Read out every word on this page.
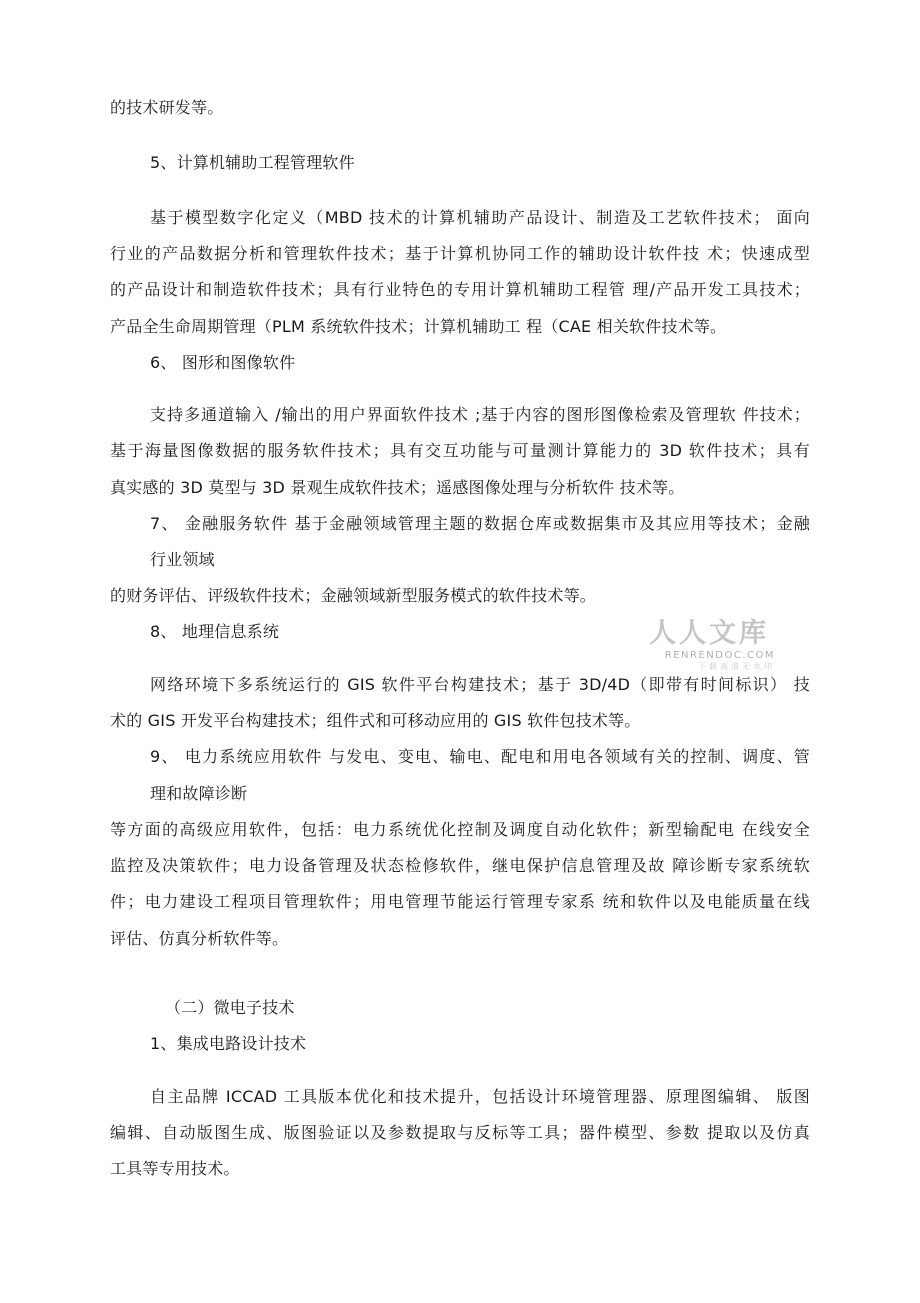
的技术研发等。
5、计算机辅助工程管理软件
基于模型数字化定义（MBD 技术的计算机辅助产品设计、制造及工艺软件技术； 面向
行业的产品数据分析和管理软件技术；基于计算机协同工作的辅助设计软件技 术；快速成型
的产品设计和制造软件技术；具有行业特色的专用计算机辅助工程管 理/产品开发工具技术；
产品全生命周期管理（PLM 系统软件技术；计算机辅助工 程（CAE 相关软件技术等。
6、 图形和图像软件
支持多通道输入 /输出的用户界面软件技术 ;基于内容的图形图像检索及管理软 件技术；
基于海量图像数据的服务软件技术；具有交互功能与可量测计算能力的 3D 软件技术；具有
真实感的 3D 莫型与 3D 景观生成软件技术；遥感图像处理与分析软件 技术等。
7、 金融服务软件 基于金融领域管理主题的数据仓库或数据集市及其应用等技术；金融
行业领域
的财务评估、评级软件技术；金融领域新型服务模式的软件技术等。
8、 地理信息系统
网络环境下多系统运行的 GIS 软件平台构建技术；基于 3D/4D（即带有时间标识） 技
术的 GIS 开发平台构建技术；组件式和可移动应用的 GIS 软件包技术等。
9、 电力系统应用软件 与发电、变电、输电、配电和用电各领域有关的控制、调度、管
理和故障诊断
等方面的高级应用软件，包括：电力系统优化控制及调度自动化软件；新型输配电 在线安全
监控及决策软件；电力设备管理及状态检修软件，继电保护信息管理及故 障诊断专家系统软
件；电力建设工程项目管理软件；用电管理节能运行管理专家系 统和软件以及电能质量在线
评估、仿真分析软件等。
（二）微电子技术
1、集成电路设计技术
自主品牌 ICCAD 工具版本优化和技术提升，包括设计环境管理器、原理图编辑、 版图
编辑、自动版图生成、版图验证以及参数提取与反标等工具；器件模型、参数 提取以及仿真
工具等专用技术。
人人文库
RENRENDOC.COM
下载高清无水印
